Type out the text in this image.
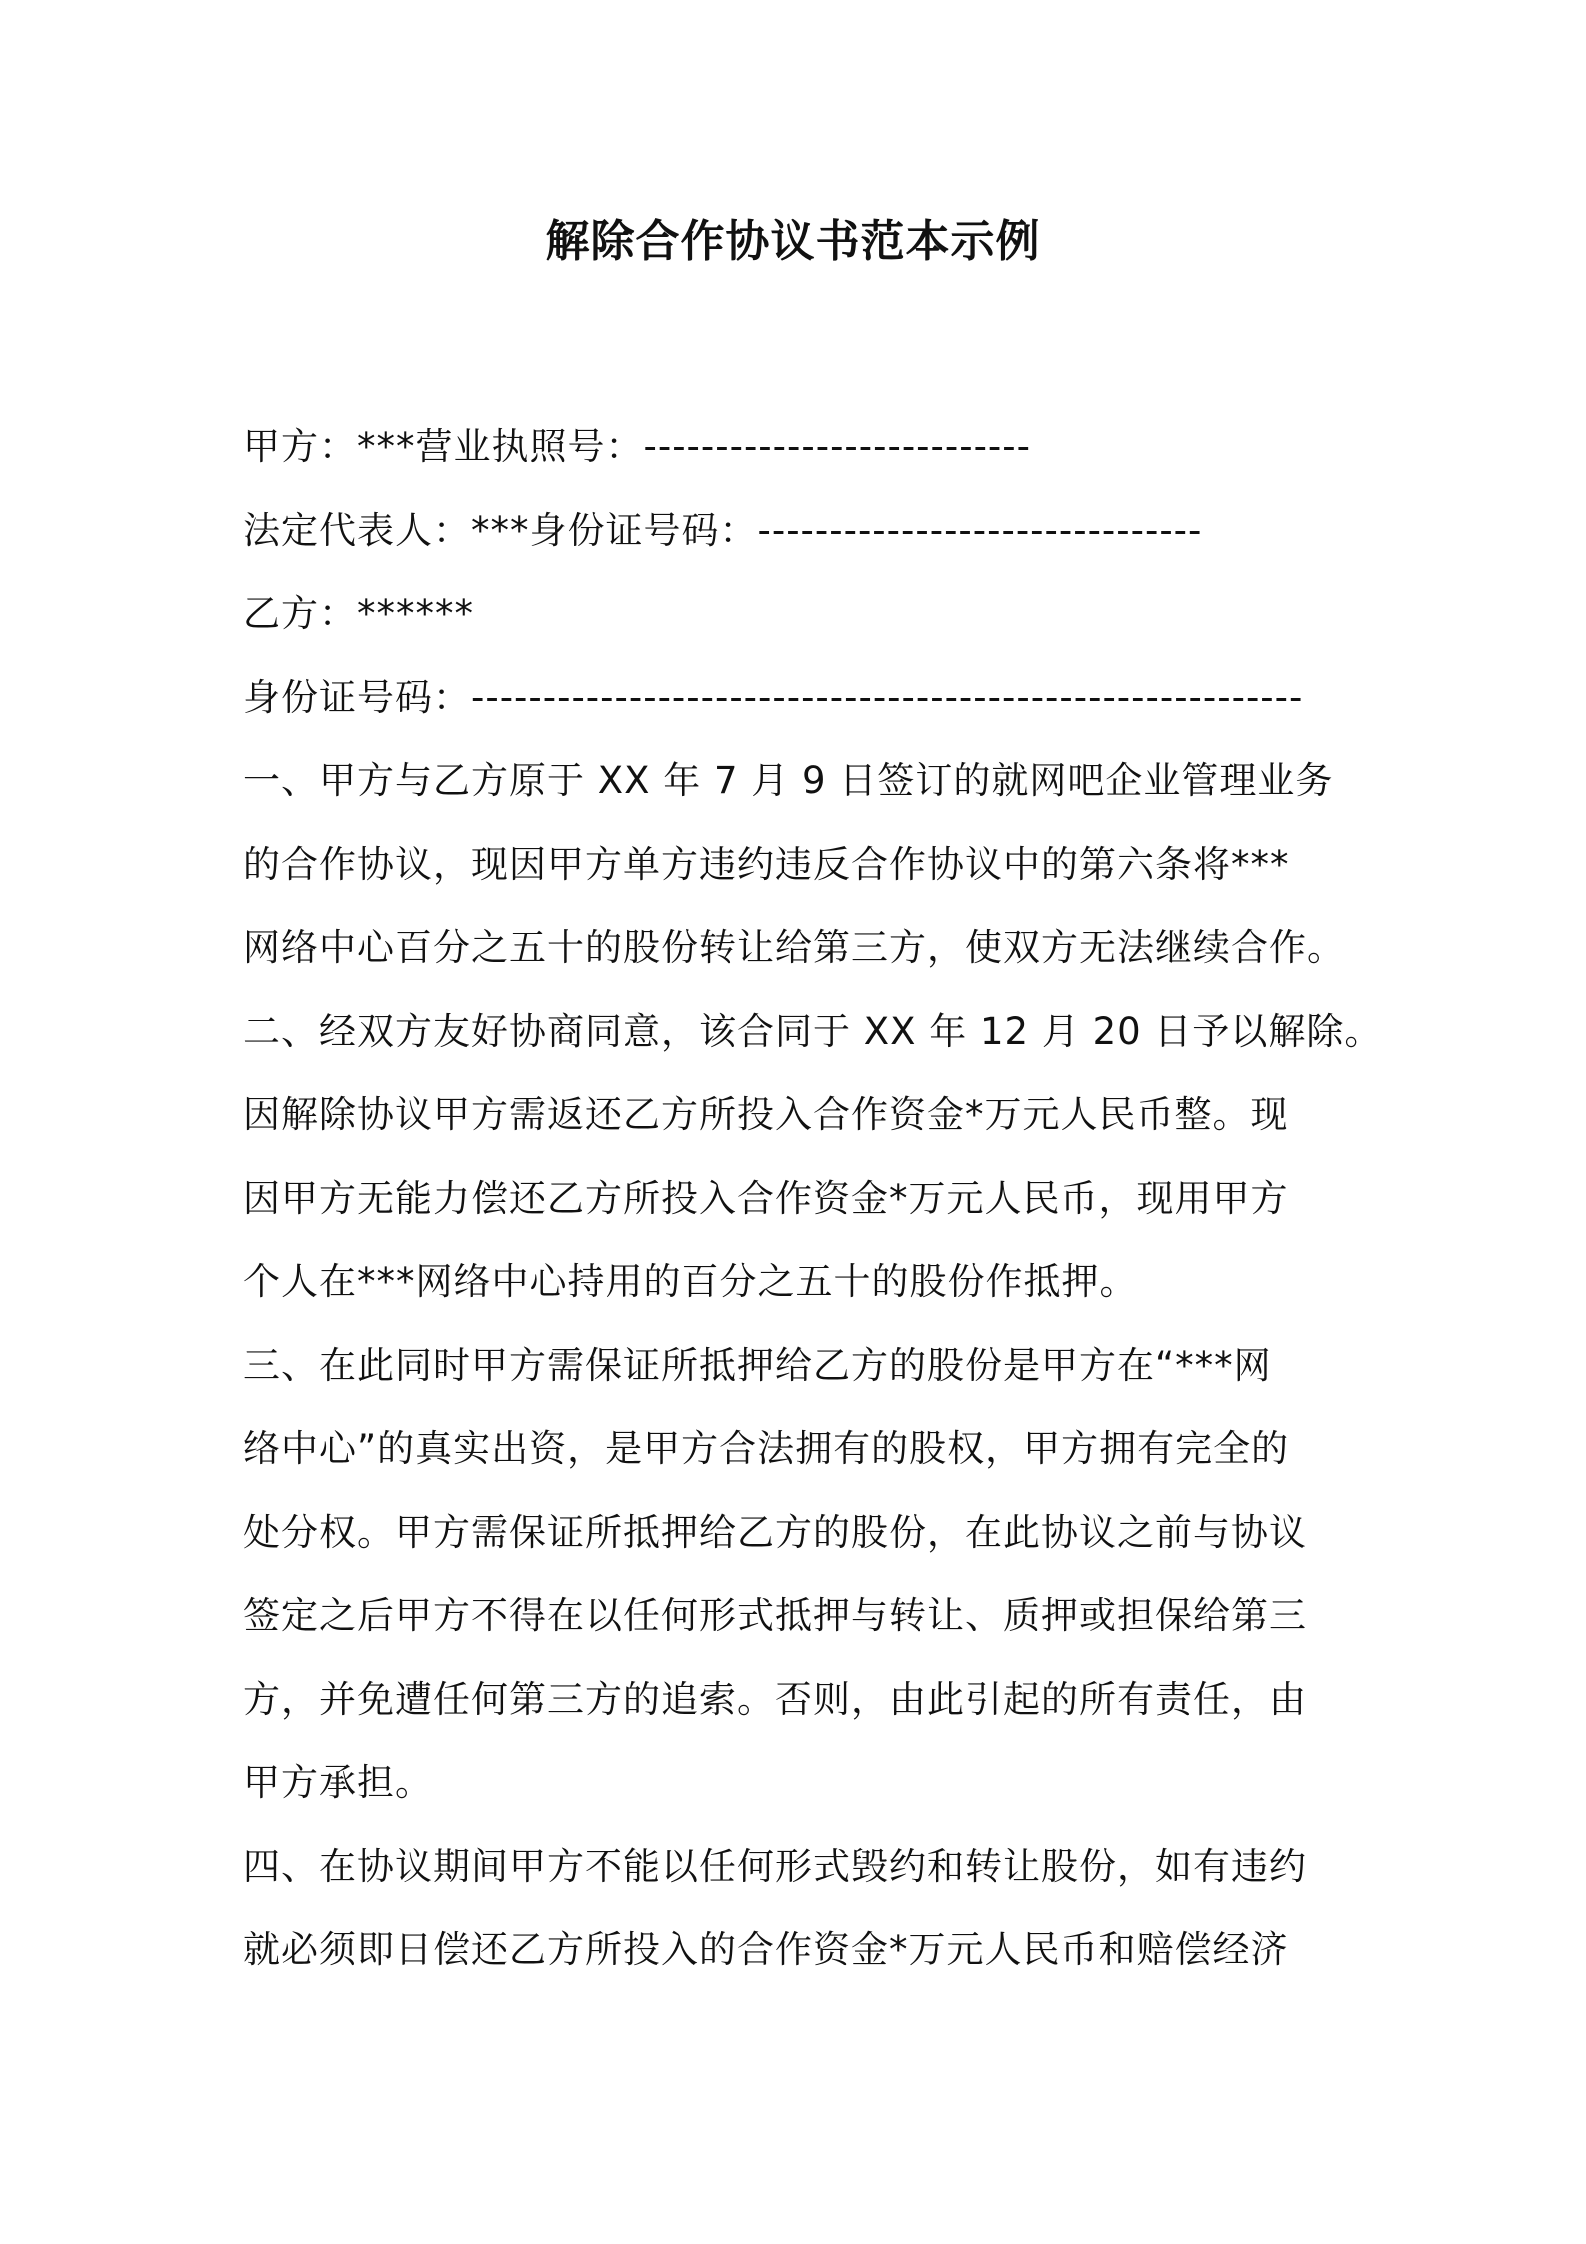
解除合作协议书范本示例
甲方：***营业执照号：---------------------------
法定代表人：***身份证号码：-------------------------------
乙方：******
身份证号码：----------------------------------------------------------
一、甲方与乙方原于 XX 年 7 月 9 日签订的就网吧企业管理业务
的合作协议，现因甲方单方违约违反合作协议中的第六条将***
网络中心百分之五十的股份转让给第三方，使双方无法继续合作。
二、经双方友好协商同意，该合同于 XX 年 12 月 20 日予以解除。
因解除协议甲方需返还乙方所投入合作资金*万元人民币整。现
因甲方无能力偿还乙方所投入合作资金*万元人民币，现用甲方
个人在***网络中心持用的百分之五十的股份作抵押。
三、在此同时甲方需保证所抵押给乙方的股份是甲方在“***网
络中心”的真实出资，是甲方合法拥有的股权，甲方拥有完全的
处分权。甲方需保证所抵押给乙方的股份，在此协议之前与协议
签定之后甲方不得在以任何形式抵押与转让、质押或担保给第三
方，并免遭任何第三方的追索。否则，由此引起的所有责任，由
甲方承担。
四、在协议期间甲方不能以任何形式毁约和转让股份，如有违约
就必须即日偿还乙方所投入的合作资金*万元人民币和赔偿经济
